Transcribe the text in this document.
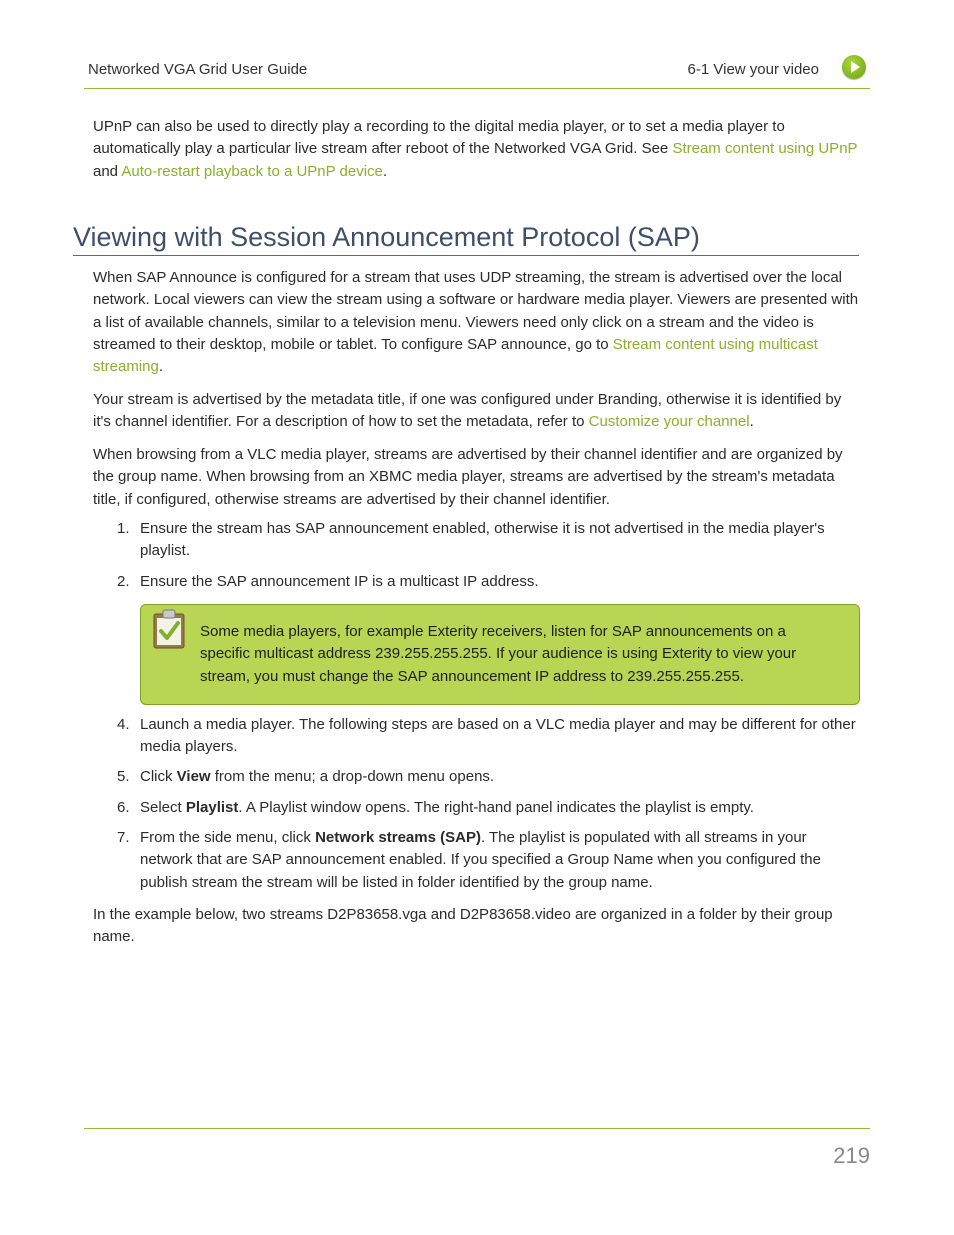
Networked VGA Grid User Guide	6-1 View your video
UPnP can also be used to directly play a recording to the digital media player, or to set a media player to automatically play a particular live stream after reboot of the Networked VGA Grid. See Stream content using UPnP and Auto-restart playback to a UPnP device.
Viewing with Session Announcement Protocol (SAP)
When SAP Announce is configured for a stream that uses UDP streaming, the stream is advertised over the local network. Local viewers can view the stream using a software or hardware media player. Viewers are presented with a list of available channels, similar to a television menu. Viewers need only click on a stream and the video is streamed to their desktop, mobile or tablet. To configure SAP announce, go to Stream content using multicast streaming.
Your stream is advertised by the metadata title, if one was configured under Branding, otherwise it is identified by it's channel identifier. For a description of how to set the metadata, refer to Customize your channel.
When browsing from a VLC media player, streams are advertised by their channel identifier and are organized by the group name. When browsing from an XBMC media player, streams are advertised by the stream's metadata title, if configured, otherwise streams are advertised by their channel identifier.
1. Ensure the stream has SAP announcement enabled, otherwise it is not advertised in the media player's playlist.
2. Ensure the SAP announcement IP is a multicast IP address.
Some media players, for example Exterity receivers, listen for SAP announcements on a specific multicast address 239.255.255.255. If your audience is using Exterity to view your stream, you must change the SAP announcement IP address to 239.255.255.255.
4. Launch a media player. The following steps are based on a VLC media player and may be different for other media players.
5. Click View from the menu; a drop-down menu opens.
6. Select Playlist. A Playlist window opens. The right-hand panel indicates the playlist is empty.
7. From the side menu, click Network streams (SAP). The playlist is populated with all streams in your network that are SAP announcement enabled. If you specified a Group Name when you configured the publish stream the stream will be listed in folder identified by the group name.
In the example below, two streams D2P83658.vga and D2P83658.video are organized in a folder by their group name.
219
